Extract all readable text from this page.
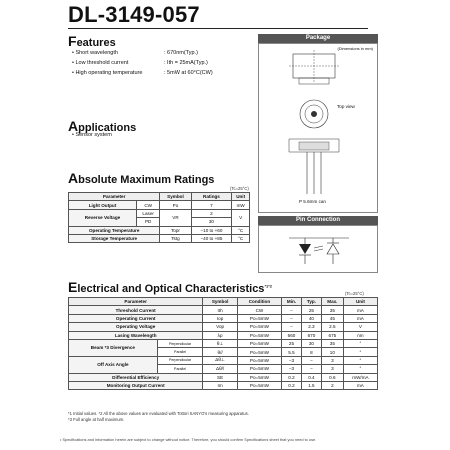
DL-3149-057
Features
• Short wavelength	: 670nm(Typ.)
• Low threshold current	: Ith = 25mA(Typ.)
• High operating temperature	: 5mW at 60°C(CW)
Applications
• Sensor system
Package
(Dimensions in mm)
Top view
P 5.6mm can
Pin Connection
Absolute Maximum Ratings
(Tc=25°C)
Parameter		Symbol	Ratings	Unit
Light Output	CW	Po	7	mW
Reverse Voltage	Laser	VR	2	V
	PD		30	
Operating Temperature		Topr	−10 to +60	°C
Storage Temperature		Tstg	−40 to +85	°C
Electrical and Optical Characteristics$^{*1*2}$
(Tc=25°C)
Parameter		Symbol	Condition	Min.	Typ.	Max.	Unit
Threshold Current		Ith	CW	−	25	35	mA
Operating Current		Iop	Po=5mW	−	40	45	mA
Operating Voltage		Vop	Po=5mW	−	2.3	2.5	V
Lasing Wavelength		λp	Po=5mW	660	670	675	nm
Beam *3 Divergence	Perpendicular	θ⊥	Po=5mW	25	30	35	°
	Parallel	θ//	Po=5mW	5.5	8	10	°
Off Axis Angle	Perpendicular	Δθ⊥	Po=5mW	−3	−	3	°
	Parallel	Δθ//	Po=5mW	−3	−	3	°
Differential Efficiency		SE	Po=5mW	0.2	0.4	0.6	mW/mA
Monitoring Output Current		Im	Po=5mW	0.2	1.5	2	mA
*1 Initial values. *2 All the above values are evaluated with Tottori SANYO's measuring apparatus.
*3 Full angle at half maximum.
• Specifications and information herein are subject to change without notice. Therefore, you should confirm Specifications sheet that you need to use.
